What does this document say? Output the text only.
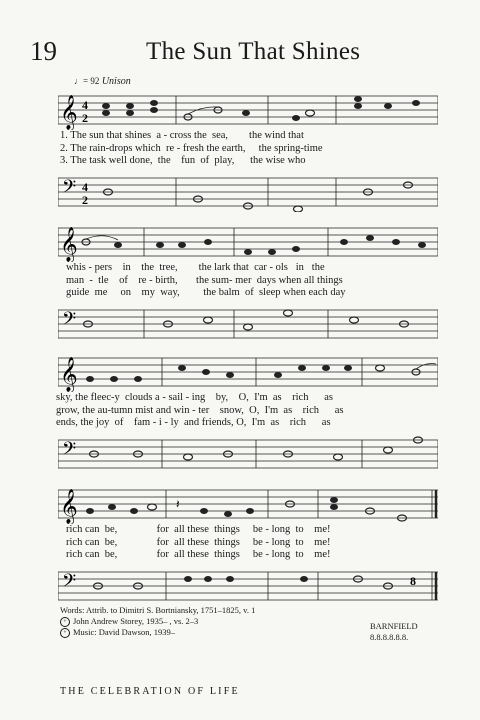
19	The Sun That Shines
♩= 92 Unison
𝄞 4
2
1. The sun that shines  a - cross the  sea,        the wind that
2. The rain-drops which  re - fresh the earth,     the spring-time
3. The task well done,  the    fun  of  play,      the wise who
𝄢 4
2
𝄞
whis - pers    in    the  tree,        the lark that  car - ols   in   the
man  -  tle    of    re - birth,       the sum- mer  days when all things
guide  me     on    my  way,         the balm  of  sleep when each day
𝄢
𝄞
sky, the fleec-y  clouds a - sail - ing    by,    O,  I'm  as    rich      as
grow, the au-tumn mist and win - ter    snow,  O,  I'm  as    rich      as
ends, the joy  of    fam - i - ly  and friends, O,  I'm  as    rich      as
𝄢
𝄞	𝄽
rich can  be,               for  all these  things     be - long  to    me!
rich can  be,               for  all these  things     be - long  to    me!
rich can  be,               for  all these  things     be - long  to    me!
𝄢	8
Words: Attrib. to Dimitri S. Bortniansky, 1751–1825, v. 1
+ John Andrew Storey, 1935– , vs. 2–3
+ Music: David Dawson, 1939–
BARNFIELD
8.8.8.8.8.8.
THE CELEBRATION OF LIFE
